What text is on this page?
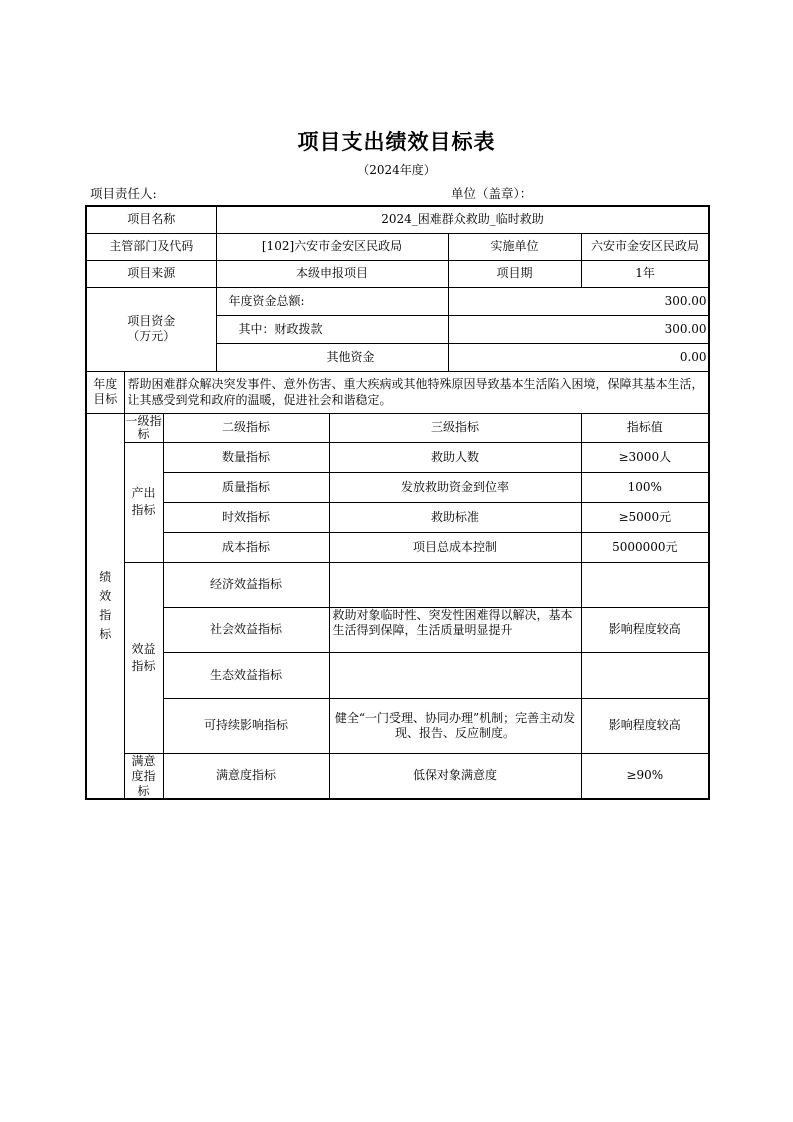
项目支出绩效目标表
（2024年度）
项目责任人:	单位（盖章）：
项目名称			2024_困难群众救助_临时救助			
主管部门及代码			[102]六安市金安区民政局		实施单位	六安市金安区民政局
项目来源			本级申报项目		项目期	1年

项目资金
（万元）			年度资金总额:		300.00	
			其中：财政拨款		300.00	
			其他资金		0.00	

年度
目标	帮助困难群众解决突发事件、意外伤害、重大疾病或其他特殊原因导致基本生活陷入困境，保障其基本生活，让其感受到党和政府的温暖，促进社会和谐稳定。					

绩效指标	一级指标	二级指标		三级指标		指标值

	产出指标	数量指标		救助人数		≥3000人
		质量指标		发放救助资金到位率		100%
		时效指标		救助标准		≥5000元
		成本指标		项目总成本控制		5000000元

	效益指标	经济效益指标				
		社会效益指标		救助对象临时性、突发性困难得以解决，基本生活得到保障，生活质量明显提升		影响程度较高
		生态效益指标				
		可持续影响指标		健全“一门受理、协同办理”机制；完善主动发现、报告、反应制度。		影响程度较高

	满意度指标	满意度指标		低保对象满意度		≥90%
